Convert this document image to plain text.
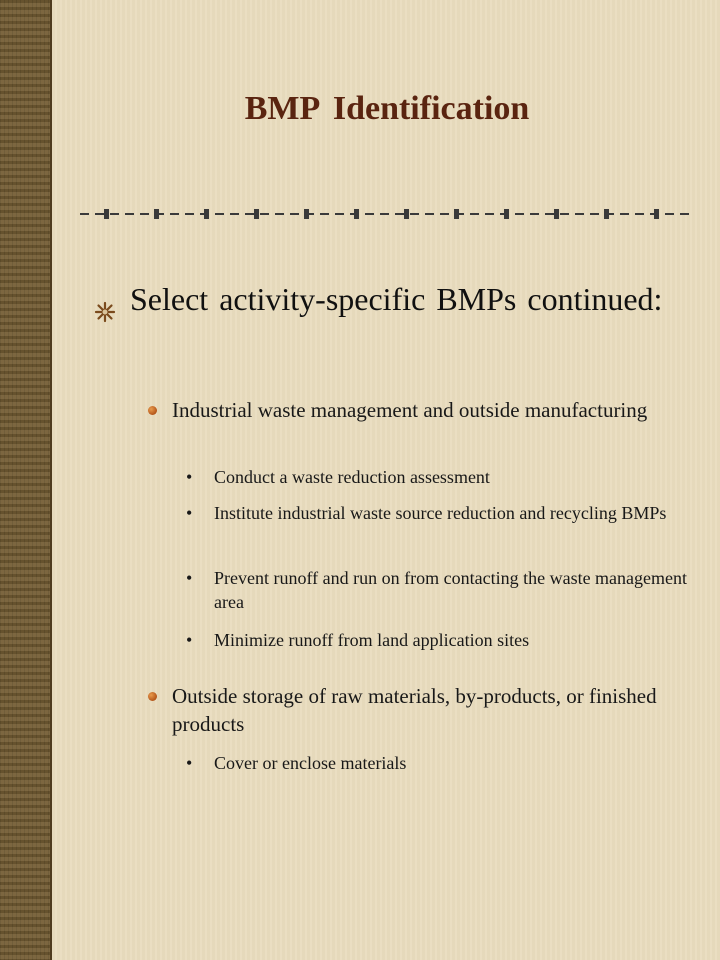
BMP Identification
Select activity-specific BMPs continued:
Industrial waste management and outside manufacturing
• Conduct a waste reduction assessment
• Institute industrial waste source reduction and recycling BMPs
• Prevent runoff and run on from contacting the waste management area
• Minimize runoff from land application sites
Outside storage of raw materials, by-products, or finished products
• Cover or enclose materials
